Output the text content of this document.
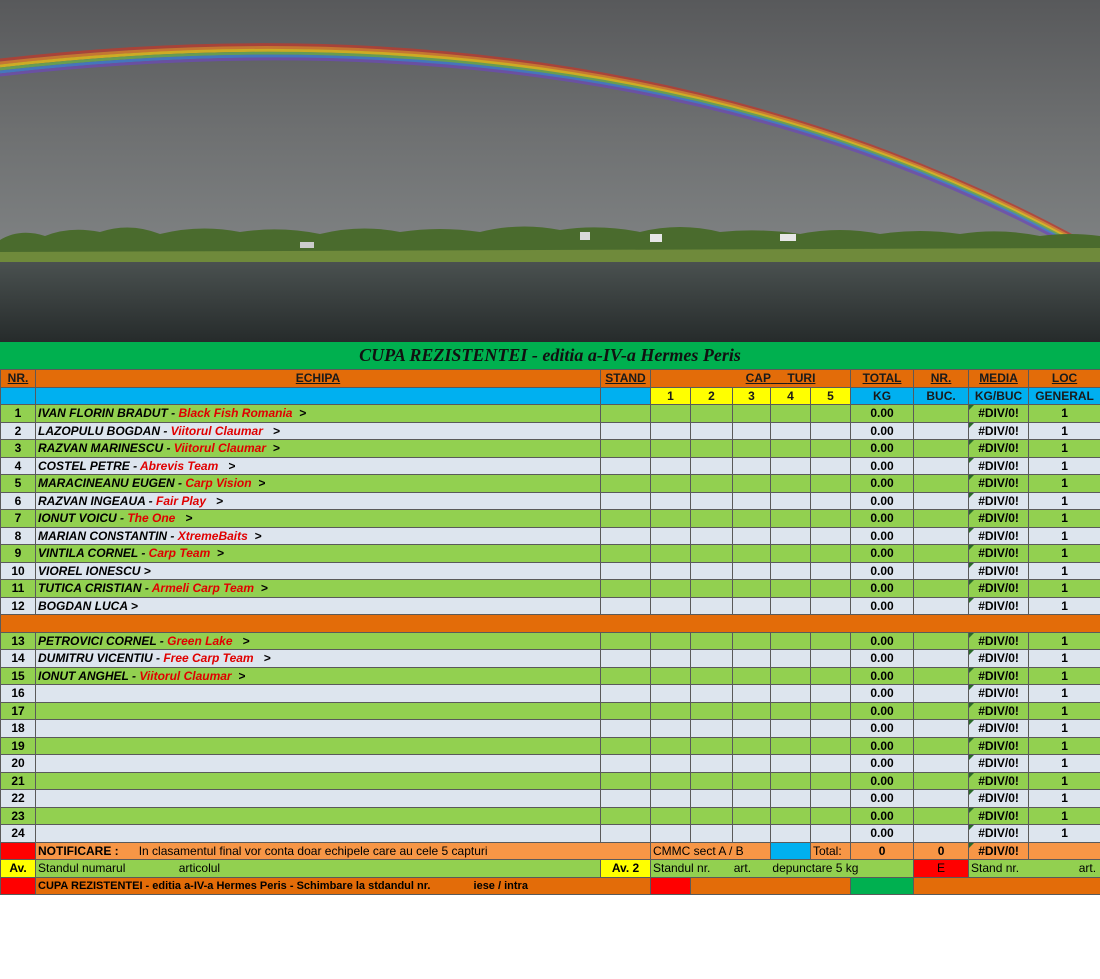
CUPA REZISTENTEI - editia a-IV-a Hermes Peris
NR.	ECHIPA	STAND	CAP TURI					TOTAL	NR.	MEDIA	LOC
			1	2	3	4	5	KG	BUC.	KG/BUC	GENERAL
1	IVAN FLORIN BRADUT - Black Fish Romania  >							0.00		#DIV/0!	1
2	LAZOPULU BOGDAN - Viitorul Claumar   >							0.00		#DIV/0!	1
3	RAZVAN MARINESCU - Viitorul Claumar  >							0.00		#DIV/0!	1
4	COSTEL PETRE - Abrevis Team   >							0.00		#DIV/0!	1
5	MARACINEANU EUGEN - Carp Vision  >							0.00		#DIV/0!	1
6	RAZVAN INGEAUA - Fair Play   >							0.00		#DIV/0!	1
7	IONUT VOICU - The One   >							0.00		#DIV/0!	1
8	MARIAN CONSTANTIN - XtremeBaits  >							0.00		#DIV/0!	1
9	VINTILA CORNEL - Carp Team  >							0.00		#DIV/0!	1
10	VIOREL IONESCU >							0.00		#DIV/0!	1
11	TUTICA CRISTIAN - Armeli Carp Team  >							0.00		#DIV/0!	1
12	BOGDAN LUCA >							0.00		#DIV/0!	1

13	PETROVICI CORNEL - Green Lake   >							0.00		#DIV/0!	1
14	DUMITRU VICENTIU - Free Carp Team   >							0.00		#DIV/0!	1
15	IONUT ANGHEL - Viitorul Claumar  >							0.00		#DIV/0!	1
16								0.00		#DIV/0!	1
17								0.00		#DIV/0!	1
18								0.00		#DIV/0!	1
19								0.00		#DIV/0!	1
20								0.00		#DIV/0!	1
21								0.00		#DIV/0!	1
22								0.00		#DIV/0!	1
23								0.00		#DIV/0!	1
24								0.00		#DIV/0!	1
	NOTIFICARE : In clasamentul final vor conta doar echipele care au cele 5 capturi		CMMC sect A / B				Total:	0	0	#DIV/0!	
Av.	Standul numarul articolul	Av. 2	Standul nr. art. depunctare 5 kg						E	Stand nr. art.	

	CUPA REZISTENTEI - editia a-IV-a Hermes Peris - Schimbare la stdandul nr. iese / intra										
